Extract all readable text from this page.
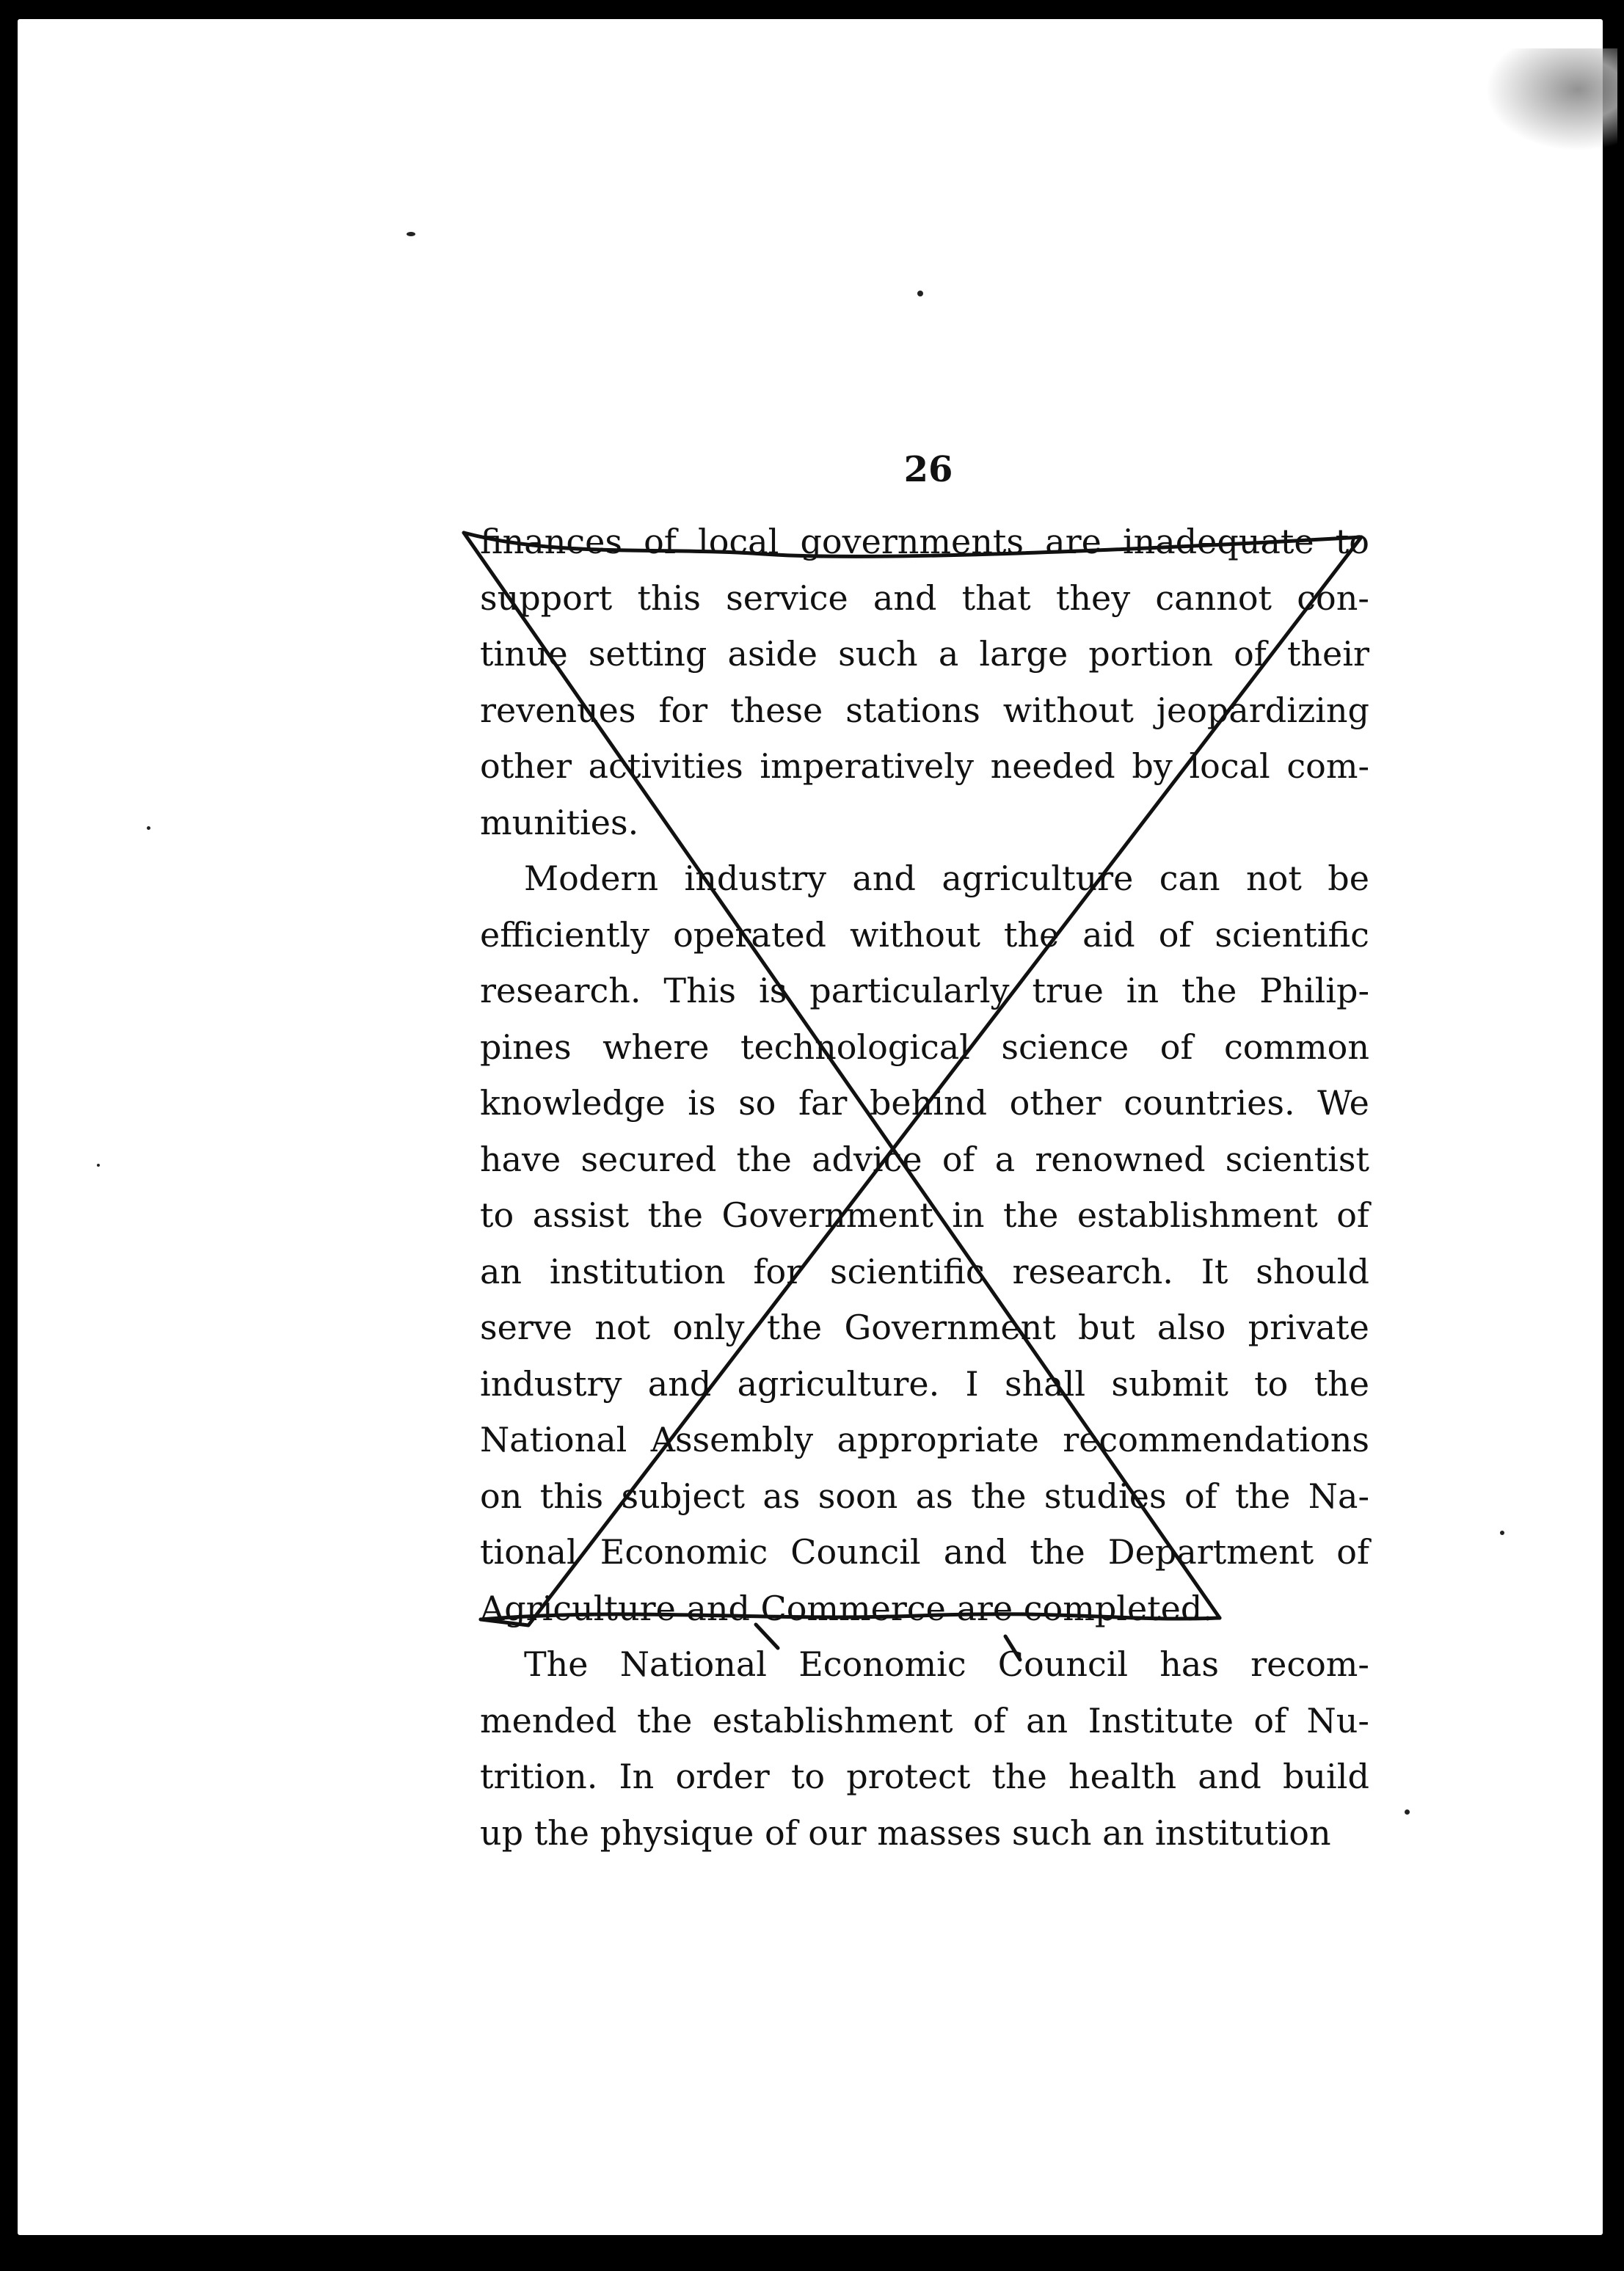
26
finances of local governments are inadequate to
support this service and that they cannot con-
tinue setting aside such a large portion of their
revenues for these stations without jeopardizing
other activities imperatively needed by local com-
munities.
Modern industry and agriculture can not be
efficiently operated without the aid of scientific
research. This is particularly true in the Philip-
pines where technological science of common
knowledge is so far behind other countries. We
have secured the advice of a renowned scientist
to assist the Government in the establishment of
an institution for scientific research. It should
serve not only the Government but also private
industry and agriculture. I shall submit to the
National Assembly appropriate recommendations
on this subject as soon as the studies of the Na-
tional Economic Council and the Department of
Agriculture and Commerce are completed.
The National Economic Council has recom-
mended the establishment of an Institute of Nu-
trition. In order to protect the health and build
up the physique of our masses such an institution
